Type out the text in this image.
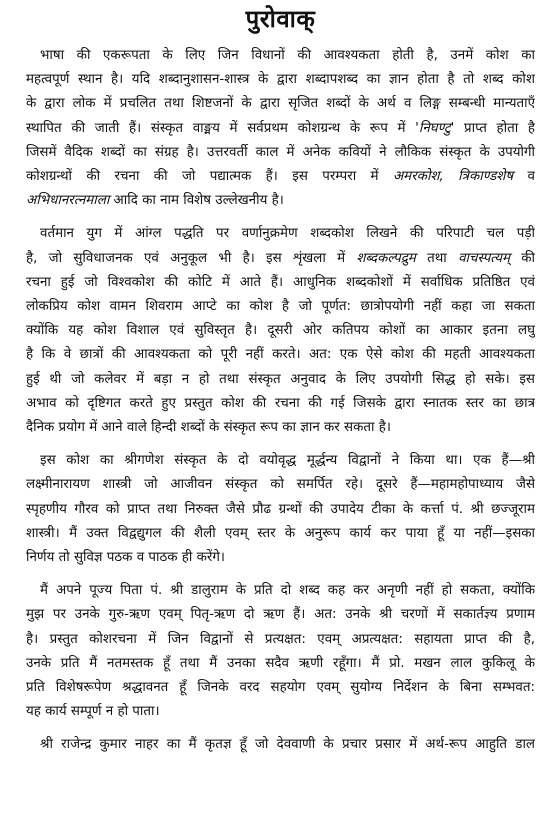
पुरोवाक्

भाषा की एकरूपता के लिए जिन विधानों की आवश्यकता होती है, उनमें कोश का
महत्वपूर्ण स्थान है। यदि शब्दानुशासन-शास्त्र के द्वारा शब्दापशब्द का ज्ञान होता है तो शब्द कोश
के द्वारा लोक में प्रचलित तथा शिष्टजनों के द्वारा सृजित शब्दों के अर्थ व लिङ्ग सम्बन्धी मान्यताएँ
स्थापित की जाती हैं। संस्कृत वाङ्मय में सर्वप्रथम कोशग्रन्थ के रूप में 'निघण्टु' प्राप्त होता है
जिसमें वैदिक शब्दों का संग्रह है। उत्तरवर्ती काल में अनेक कवियों ने लौकिक संस्कृत के उपयोगी
कोशग्रन्थों की रचना की जो पद्यात्मक हैं। इस परम्परा में अमरकोश, त्रिकाण्डशेष व
अभिधानरत्नमाला आदि का नाम विशेष उल्लेखनीय है।

वर्तमान युग में आंग्ल पद्धति पर वर्णानुक्रमेण शब्दकोश लिखने की परिपाटी चल पड़ी
है, जो सुविधाजनक एवं अनुकूल भी है। इस शृंखला में शब्दकल्पद्रुम तथा वाचस्पत्यम् की
रचना हुई जो विश्वकोश की कोटि में आते हैं। आधुनिक शब्दकोशों में सर्वाधिक प्रतिष्ठित एवं
लोकप्रिय कोश वामन शिवराम आप्टे का कोश है जो पूर्णत: छात्रोपयोगी नहीं कहा जा सकता
क्योंकि यह कोश विशाल एवं सुविस्तृत है। दूसरी ओर कतिपय कोशों का आकार इतना लघु
है कि वे छात्रों की आवश्यकता को पूरी नहीं करते। अत: एक ऐसे कोश की महती आवश्यकता
हुई थी जो कलेवर में बड़ा न हो तथा संस्कृत अनुवाद के लिए उपयोगी सिद्ध हो सके। इस
अभाव को दृष्टिगत करते हुए प्रस्तुत कोश की रचना की गई जिसके द्वारा स्नातक स्तर का छात्र
दैनिक प्रयोग में आने वाले हिन्दी शब्दों के संस्कृत रूप का ज्ञान कर सकता है।

इस कोश का श्रीगणेश संस्कृत के दो वयोवृद्ध मूर्द्धन्य विद्वानों ने किया था। एक हैं—श्री
लक्ष्मीनारायण शास्त्री जो आजीवन संस्कृत को समर्पित रहे। दूसरे हैं—महामहोपाध्याय जैसे
स्पृहणीय गौरव को प्राप्त तथा निरुक्त जैसे प्रौढ ग्रन्थों की उपादेय टीका के कर्त्ता पं. श्री छज्जूराम
शास्त्री। मैं उक्त विद्वद्युगल की शैली एवम् स्तर के अनुरूप कार्य कर पाया हूँ या नहीं—इसका
निर्णय तो सुविज्ञ पठक व पाठक ही करेंगे।

मैं अपने पूज्य पिता पं. श्री डालुराम के प्रति दो शब्द कह कर अनृणी नहीं हो सकता, क्योंकि
मुझ पर उनके गुरु-ऋण एवम् पितृ-ऋण दो ऋण हैं। अत: उनके श्री चरणों में सकार्तज्ञ्य प्रणाम
है। प्रस्तुत कोशरचना में जिन विद्वानों से प्रत्यक्षत: एवम् अप्रत्यक्षत: सहायता प्राप्त की है,
उनके प्रति मैं नतमस्तक हूँ तथा मैं उनका सदैव ऋणी रहूँगा। मैं प्रो. मखन लाल कुकिलू के
प्रति विशेषरूपेण श्रद्धावनत हूँ जिनके वरद सहयोग एवम् सुयोग्य निर्देशन के बिना सम्भवत:
यह कार्य सम्पूर्ण न हो पाता।

श्री राजेन्द्र कुमार नाहर का मैं कृतज्ञ हूँ जो देववाणी के प्रचार प्रसार में अर्थ-रूप आहुति डाल
